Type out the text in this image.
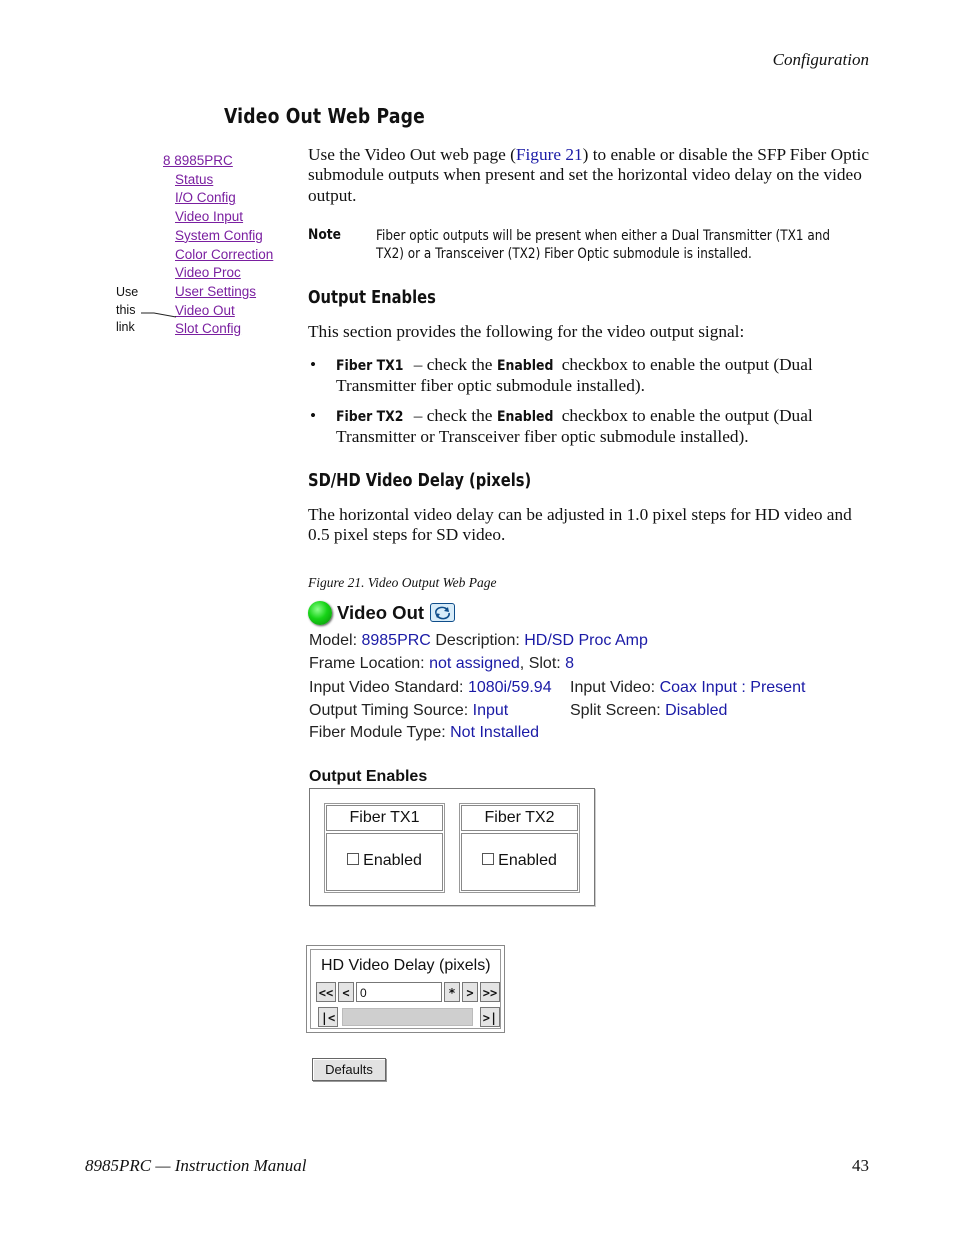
Configuration
Video Out Web Page
8 8985PRC
Status
I/O Config
Video Input
System Config
Color Correction
Video Proc
User Settings
Video Out
Slot Config
Use
this
link
Use the Video Out web page (Figure 21) to enable or disable the SFP Fiber Optic submodule outputs when present and set the horizontal video delay on the video output.
Note Fiber optic outputs will be present when either a Dual Transmitter (TX1 and TX2) or a Transceiver (TX2) Fiber Optic submodule is installed.
Output Enables
This section provides the following for the video output signal:
• Fiber TX1 – check the Enabled checkbox to enable the output (Dual Transmitter fiber optic submodule installed).
• Fiber TX2 – check the Enabled checkbox to enable the output (Dual Transmitter or Transceiver fiber optic submodule installed).
SD/HD Video Delay (pixels)
The horizontal video delay can be adjusted in 1.0 pixel steps for HD video and 0.5 pixel steps for SD video.
Figure 21. Video Output Web Page
Video Out
Model: 8985PRC Description: HD/SD Proc Amp
Frame Location: not assigned, Slot: 8
Input Video Standard: 1080i/59.94 Input Video: Coax Input : Present
Output Timing Source: Input	Split Screen: Disabled
Fiber Module Type: Not Installed
Output Enables
Fiber TX1
Enabled
Fiber TX2
Enabled
HD Video Delay (pixels)
<< < 0	* > >>
|<	>|
Defaults
8985PRC — Instruction Manual	43
